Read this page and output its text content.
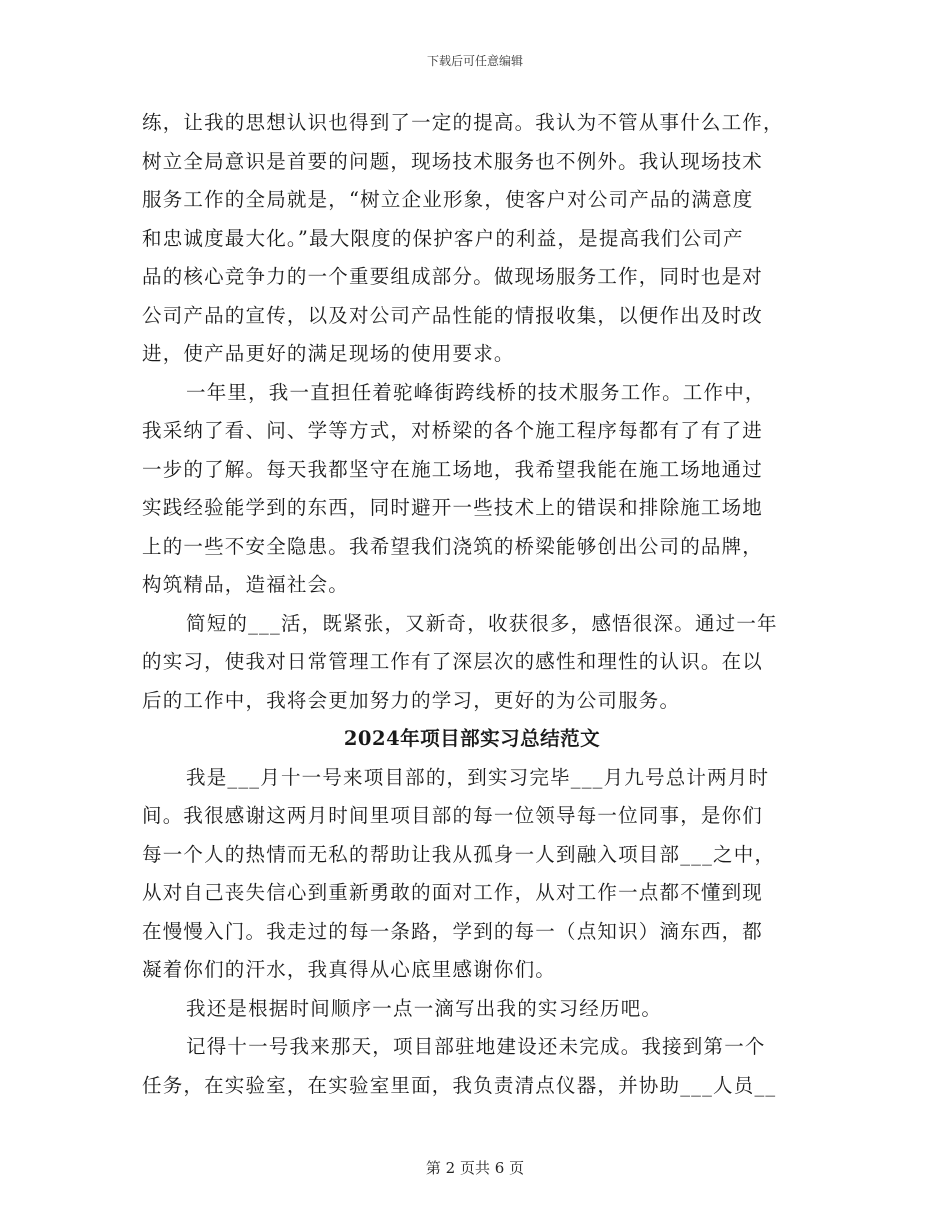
下载后可任意编辑
练，让我的思想认识也得到了一定的提高。我认为不管从事什么工作，
树立全局意识是首要的问题，现场技术服务也不例外。我认现场技术
服务工作的全局就是，“树立企业形象，使客户对公司产品的满意度
和忠诚度最大化。”最大限度的保护客户的利益，是提高我们公司产
品的核心竞争力的一个重要组成部分。做现场服务工作，同时也是对
公司产品的宣传，以及对公司产品性能的情报收集，以便作出及时改
进，使产品更好的满足现场的使用要求。
一年里，我一直担任着驼峰街跨线桥的技术服务工作。工作中，
我采纳了看、问、学等方式，对桥梁的各个施工程序每都有了有了进
一步的了解。每天我都坚守在施工场地，我希望我能在施工场地通过
实践经验能学到的东西，同时避开一些技术上的错误和排除施工场地
上的一些不安全隐患。我希望我们浇筑的桥梁能够创出公司的品牌，
构筑精品，造福社会。
简短的___活，既紧张，又新奇，收获很多，感悟很深。通过一年
的实习，使我对日常管理工作有了深层次的感性和理性的认识。在以
后的工作中，我将会更加努力的学习，更好的为公司服务。
2024年项目部实习总结范文
我是___月十一号来项目部的，到实习完毕___月九号总计两月时
间。我很感谢这两月时间里项目部的每一位领导每一位同事，是你们
每一个人的热情而无私的帮助让我从孤身一人到融入项目部___之中，
从对自己丧失信心到重新勇敢的面对工作，从对工作一点都不懂到现
在慢慢入门。我走过的每一条路，学到的每一（点知识）滴东西，都
凝着你们的汗水，我真得从心底里感谢你们。
我还是根据时间顺序一点一滴写出我的实习经历吧。
记得十一号我来那天，项目部驻地建设还未完成。我接到第一个
任务，在实验室，在实验室里面，我负责清点仪器，并协助___人员__
第 2 页共 6 页
